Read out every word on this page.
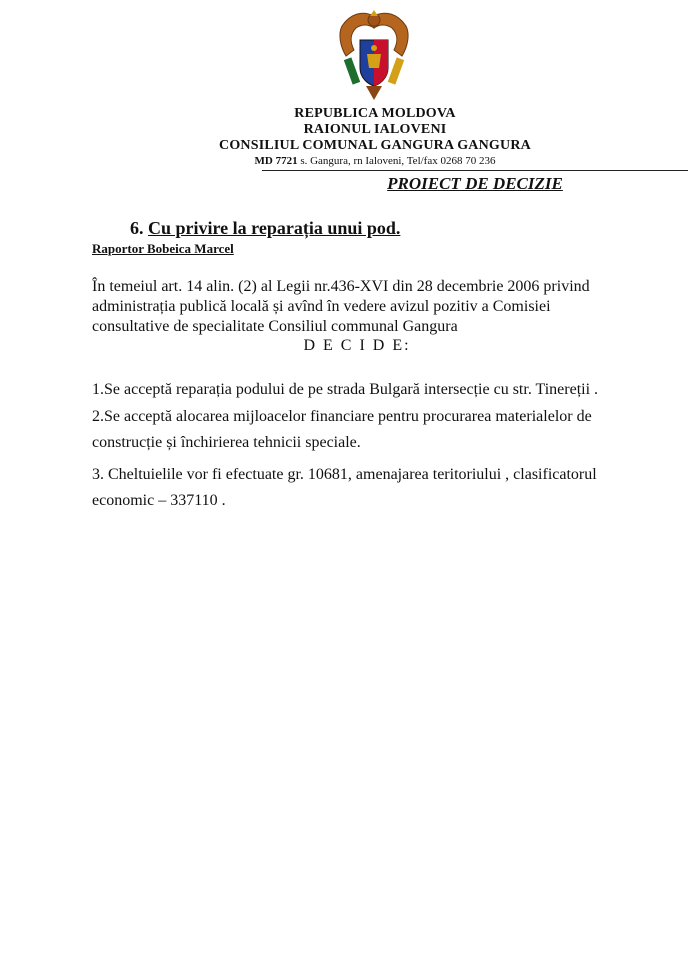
REPUBLICA MOLDOVA
RAIONUL IALOVENI
CONSILIUL COMUNAL GANGURA GANGURA
MD 7721 s. Gangura, rn Ialoveni, Tel/fax 0268 70 236
PROIECT DE DECIZIE
6. Cu privire la reparația unui pod.
Raportor Bobeica Marcel
În temeiul art. 14 alin. (2) al Legii nr.436-XVI din 28 decembrie 2006 privind
administrația publică locală și avînd în vedere avizul pozitiv a Comisiei
consultative de specialitate Consiliul communal Gangura
D E C I D E:
1.Se acceptă reparația podului de pe strada Bulgară intersecție cu str. Tinereții .
2.Se acceptă alocarea mijloacelor financiare pentru procurarea materialelor de
construcție și închirierea tehnicii speciale.
3. Cheltuielile vor fi efectuate gr. 10681, amenajarea teritoriului , clasificatorul
economic – 337110 .
